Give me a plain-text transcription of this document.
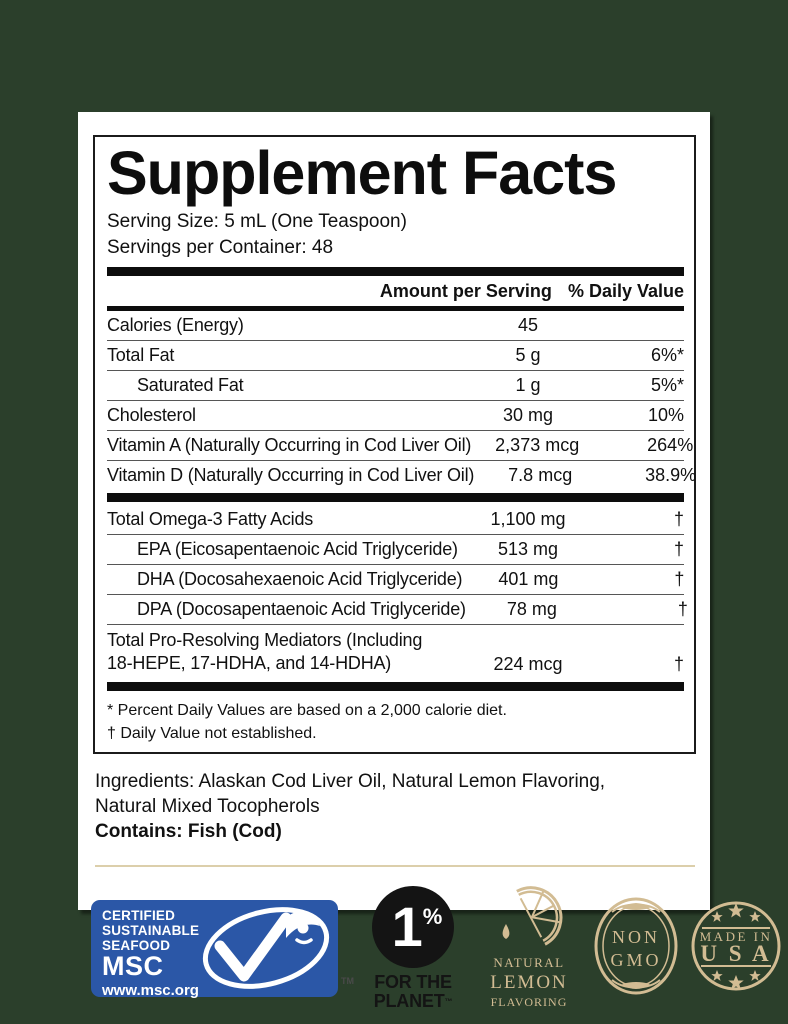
Supplement Facts
Serving Size: 5 mL (One Teaspoon)
Servings per Container: 48
Amount per Serving % Daily Value
Calories (Energy)	45
Total Fat	5 g	6%*
Saturated Fat	1 g	5%*
Cholesterol	30 mg	10%
Vitamin A (Naturally Occurring in Cod Liver Oil)	2,373 mcg	264%
Vitamin D (Naturally Occurring in Cod Liver Oil)	7.8 mcg	38.9%
Total Omega-3 Fatty Acids	1,100 mg	†
EPA (Eicosapentaenoic Acid Triglyceride)	513 mg	†
DHA (Docosahexaenoic Acid Triglyceride)	401 mg	†
DPA (Docosapentaenoic Acid Triglyceride)	78 mg	†
Total Pro-Resolving Mediators (Including
18-HEPE, 17-HDHA, and 14-HDHA)	224 mcg	†
* Percent Daily Values are based on a 2,000 calorie diet.
† Daily Value not established.
Ingredients: Alaskan Cod Liver Oil, Natural Lemon Flavoring,
Natural Mixed Tocopherols
Contains: Fish (Cod)
CERTIFIED
SUSTAINABLE
SEAFOOD
MSC
www.msc.org
TM
1 %
FOR THE
PLANET™
NATURAL
LEMON
FLAVORING
NON
GMO
MADE IN
U S A
